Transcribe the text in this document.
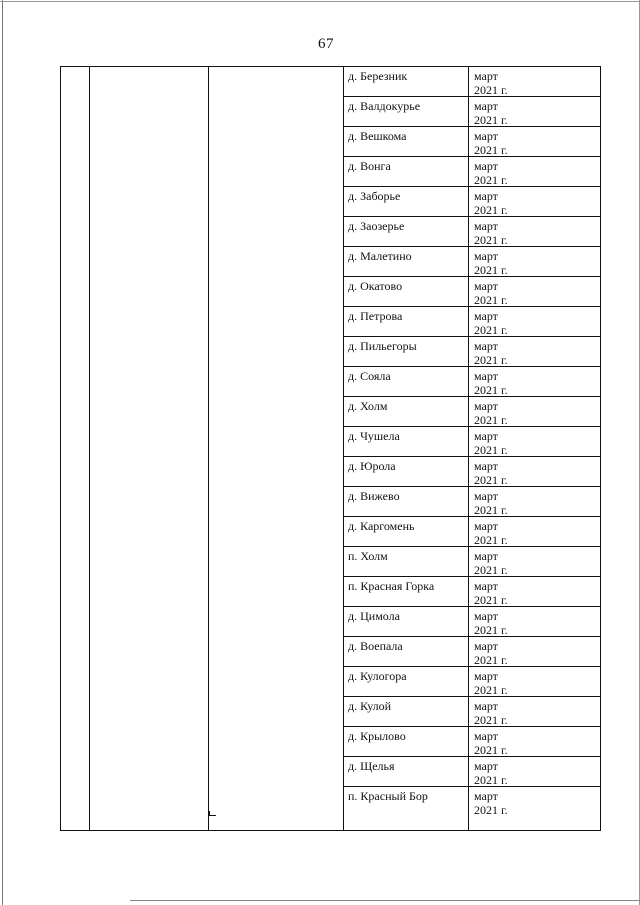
67
д. Березник	март
2021 г.
д. Валдокурье	март
2021 г.
д. Вешкома	март
2021 г.
д. Вонга	март
2021 г.
д. Заборье	март
2021 г.
д. Заозерье	март
2021 г.
д. Малетино	март
2021 г.
д. Окатово	март
2021 г.
д. Петрова	март
2021 г.
д. Пильегоры	март
2021 г.
д. Сояла	март
2021 г.
д. Холм	март
2021 г.
д. Чушела	март
2021 г.
д. Юрола	март
2021 г.
д. Вижево	март
2021 г.
д. Каргомень	март
2021 г.
п. Холм	март
2021 г.
п. Красная Горка	март
2021 г.
д. Цимола	март
2021 г.
д. Воепала	март
2021 г.
д. Кулогора	март
2021 г.
д. Кулой	март
2021 г.
д. Крылово	март
2021 г.
д. Щелья	март
2021 г.
п. Красный Бор	март
2021 г.
